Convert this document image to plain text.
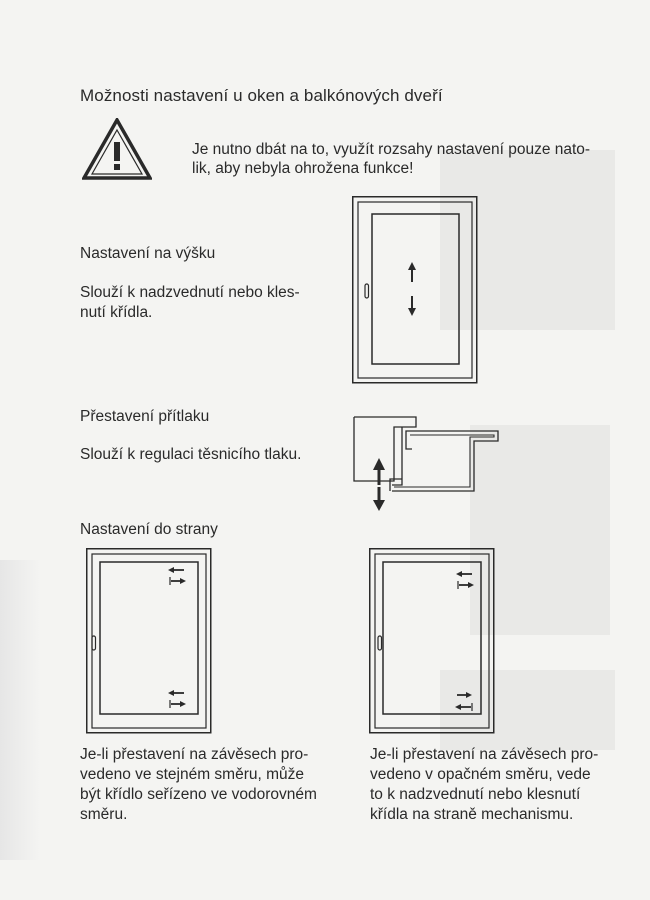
Možnosti nastavení u oken a balkónových dveří
Je nutno dbát na to, využít rozsahy nastavení pouze nato-
lik, aby nebyla ohrožena funkce!
Nastavení na výšku
Slouží k nadzvednutí nebo kles-
nutí křídla.
Přestavení přítlaku
Slouží k regulaci těsnicího tlaku.
Nastavení do strany
Je-li přestavení na závěsech pro-
vedeno ve stejném směru, může
být křídlo seřízeno ve vodorovném
směru.
Je-li přestavení na závěsech pro-
vedeno v opačném směru, vede
to k nadzvednutí nebo klesnutí
křídla na straně mechanismu.
